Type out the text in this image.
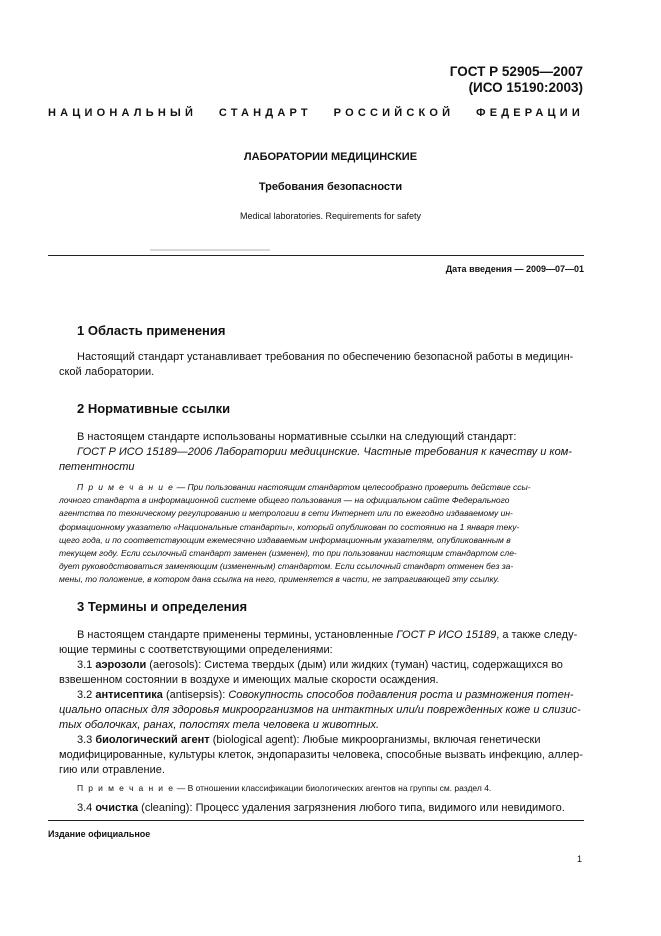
ГОСТ Р 52905—2007
(ИСО 15190:2003)
НАЦИОНАЛЬНЫЙ СТАНДАРТ РОССИЙСКОЙ ФЕДЕРАЦИИ
ЛАБОРАТОРИИ МЕДИЦИНСКИЕ
Требования безопасности
Medical laboratories. Requirements for safety
Дата введения — 2009—07—01
1 Область применения
Настоящий стандарт устанавливает требования по обеспечению безопасной работы в медицин-
ской лаборатории.
2 Нормативные ссылки
В настоящем стандарте использованы нормативные ссылки на следующий стандарт:
ГОСТ Р ИСО 15189—2006 Лаборатории медицинские. Частные требования к качеству и ком-
петентности
П р и м е ч а н и е — При пользовании настоящим стандартом целесообразно проверить действие ссы-
лочного стандарта в информационной системе общего пользования — на официальном сайте Федерального
агентства по техническому регулированию и метрологии в сети Интернет или по ежегодно издаваемому ин-
формационному указателю «Национальные стандарты», который опубликован по состоянию на 1 января теку-
щего года, и по соответствующим ежемесячно издаваемым информационным указателям, опубликованным в
текущем году. Если ссылочный стандарт заменен (изменен), то при пользовании настоящим стандартом сле-
дует руководствоваться заменяющим (измененным) стандартом. Если ссылочный стандарт отменен без за-
мены, то положение, в котором дана ссылка на него, применяется в части, не затрагивающей эту ссылку.
3 Термины и определения
В настоящем стандарте применены термины, установленные ГОСТ Р ИСО 15189, а также следу-
ющие термины с соответствующими определениями:
3.1 аэрозоли (aerosols): Система твердых (дым) или жидких (туман) частиц, содержащихся во
взвешенном состоянии в воздухе и имеющих малые скорости осаждения.
3.2 антисептика (antisepsis): Совокупность способов подавления роста и размножения потен-
циально опасных для здоровья микроорганизмов на интактных или/и поврежденных коже и слизис-
тых оболочках, ранах, полостях тела человека и животных.
3.3 биологический агент (biological agent): Любые микроорганизмы, включая генетически
модифицированные, культуры клеток, эндопаразиты человека, способные вызвать инфекцию, аллер-
гию или отравление.
П р и м е ч а н и е — В отношении классификации биологических агентов на группы см. раздел 4.
3.4 очистка (cleaning): Процесс удаления загрязнения любого типа, видимого или невидимого.
Издание официальное
1
